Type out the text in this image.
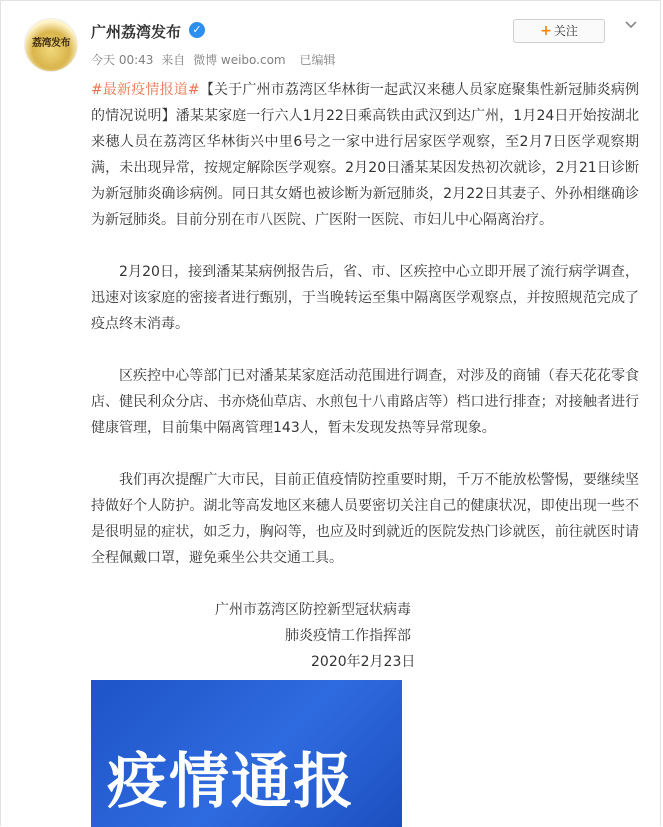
荔湾发布
广州荔湾发布	✓
今天 00:43 来自 微博 weibo.com 已编辑
+ 关注

#最新疫情报道#【关于广州市荔湾区华林街一起武汉来穗人员家庭聚集性新冠肺炎病例的情况说明】潘某某家庭一行六人1月22日乘高铁由武汉到达广州，1月24日开始按湖北来穗人员在荔湾区华林街兴中里6号之一家中进行居家医学观察，至2月7日医学观察期满，未出现异常，按规定解除医学观察。2月20日潘某某因发热初次就诊，2月21日诊断为新冠肺炎确诊病例。同日其女婿也被诊断为新冠肺炎，2月22日其妻子、外孙相继确诊为新冠肺炎。目前分别在市八医院、广医附一医院、市妇儿中心隔离治疗。

2月20日，接到潘某某病例报告后，省、市、区疾控中心立即开展了流行病学调查，迅速对该家庭的密接者进行甄别，于当晚转运至集中隔离医学观察点，并按照规范完成了疫点终末消毒。

区疾控中心等部门已对潘某某家庭活动范围进行调查，对涉及的商铺（春天花花零食店、健民利众分店、书亦烧仙草店、水煎包十八甫路店等）档口进行排查；对接触者进行健康管理，目前集中隔离管理143人，暂未发现发热等异常现象。

我们再次提醒广大市民，目前正值疫情防控重要时期，千万不能放松警惕，要继续坚持做好个人防护。湖北等高发地区来穗人员要密切关注自己的健康状况，即使出现一些不是很明显的症状，如乏力，胸闷等，也应及时到就近的医院发热门诊就医，前往就医时请全程佩戴口罩，避免乘坐公共交通工具。

广州市荔湾区防控新型冠状病毒
肺炎疫情工作指挥部
2020年2月23日
疫情通报
